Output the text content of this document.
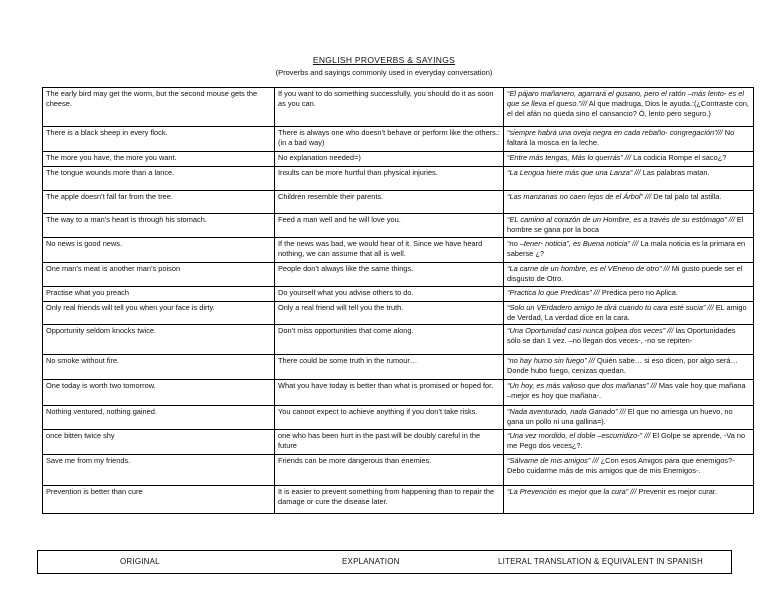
ENGLISH PROVERBS & SAYINGS
(Proverbs and sayings commonly used in everyday conversation)
The early bird may get the worm, but the second mouse gets the cheese.	If you want to do something successfully, you should do it as soon as you can.	“El pájaro mañanero, agarrará el gusano, pero el ratón –más lento- es el que se lleva el queso.”/// Al que madruga, Dios le ayuda.:(¿Contraste con, el del afán no queda sino el cansancio? Ó, lento pero seguro.)
There is a black sheep in every flock.	There is always one who doesn’t behave or perform like the others.:(in a bad way)	“siempre habrá una oveja negra en cada rebaño- congregación”/// No faltará la mosca en la leche.
The more you have, the more you want.	No explanation needed=)	“Entre más tengas, Más lo querrás” /// La codicia Rompe el saco¿?
The tongue wounds more than a lance.	Insults can be more hurtful than physical injuries.	“La Lengua hiere más que una Lanza” /// Las palabras matan.
The apple doesn’t fall far from the tree.	Children resemble their parents.	“Las manzanas no caen lejos de el Árbol” /// De tal palo tal astilla.
The way to a man’s heart is through his stomach.	Feed a man well and he will love you.	“EL camino al corazón de un Hombre, es a través de su estómago” /// El hombre se gana por la boca
No news is good news.	If the news was bad, we would hear of it. Since we have heard nothing, we can assume that all is well.	“no –tener- noticia”, es Buena noticia” /// La mala noticia es la primara en saberse ¿?
One man’s meat is another man’s poison	People don’t always like the same things.	“La carne de un hombre, es el VEneno de otro” /// Mi gusto puede ser el disgusto de Otro.
Practise what you preach	Do yourself what you advise others to do.	“Practica lo que Predicas” /// Predica pero no Aplica.
Only real friends will tell you when your face is dirty.	Only a real friend will tell you the truth.	“Solo un VErdadero amigo te dirá cuando tu cara esté sucia” /// EL amigo de Verdad, La verdad dice en la cara.
Opportunity seldom knocks twice.	Don’t miss opportunities that come along.	“Una Oportunidad casi nunca golpea dos veces” /// las Oportunidades sólo se dan 1 vez. –no llegan dos veces-, -no se repiten-
No smoke without fire.	There could be some truth in the rumour…	“no hay humo sin fuego” /// Quién sabe… si eso dicen, por algo será…Donde hubo fuego, cenizas quedan.
One today is worth two tomorrow.	What you have today is better than what is promised or hoped for.	“Un hoy, es más valioso que dos mañanas” /// Mas vale hoy que mañana –mejor es hoy que mañana-.
Nothing ventured, nothing gained.	You cannot expect to achieve anything if you don’t take risks.	“Nada aventurado, nada Ganado” /// El que no arriesga un huevo, no gana un pollo ni una gallina=).
once bitten twice shy	one who has been hurt in the past will be doubly careful in the future	“Una vez mordido, el doble –escurridizo-” /// El Golpe se aprende, -Va no me Pego dos veces¿?.
Save me from my friends.	Friends can be more dangerous than enemies.	“Sálvame de mis amigos” /// ¿Con esos Amigos para que enemigos?-Debo cuidarme más de mis amigos que de mis Enemigos-.
Prevention is better than cure	It is easier to prevent something from happening than to repair the damage or cure the disease later.	“La Prevención es mejor que la cura” /// Prevenir es mejor curar.
ORIGINAL	EXPLANATION	LITERAL TRANSLATION & EQUIVALENT IN SPANISH
